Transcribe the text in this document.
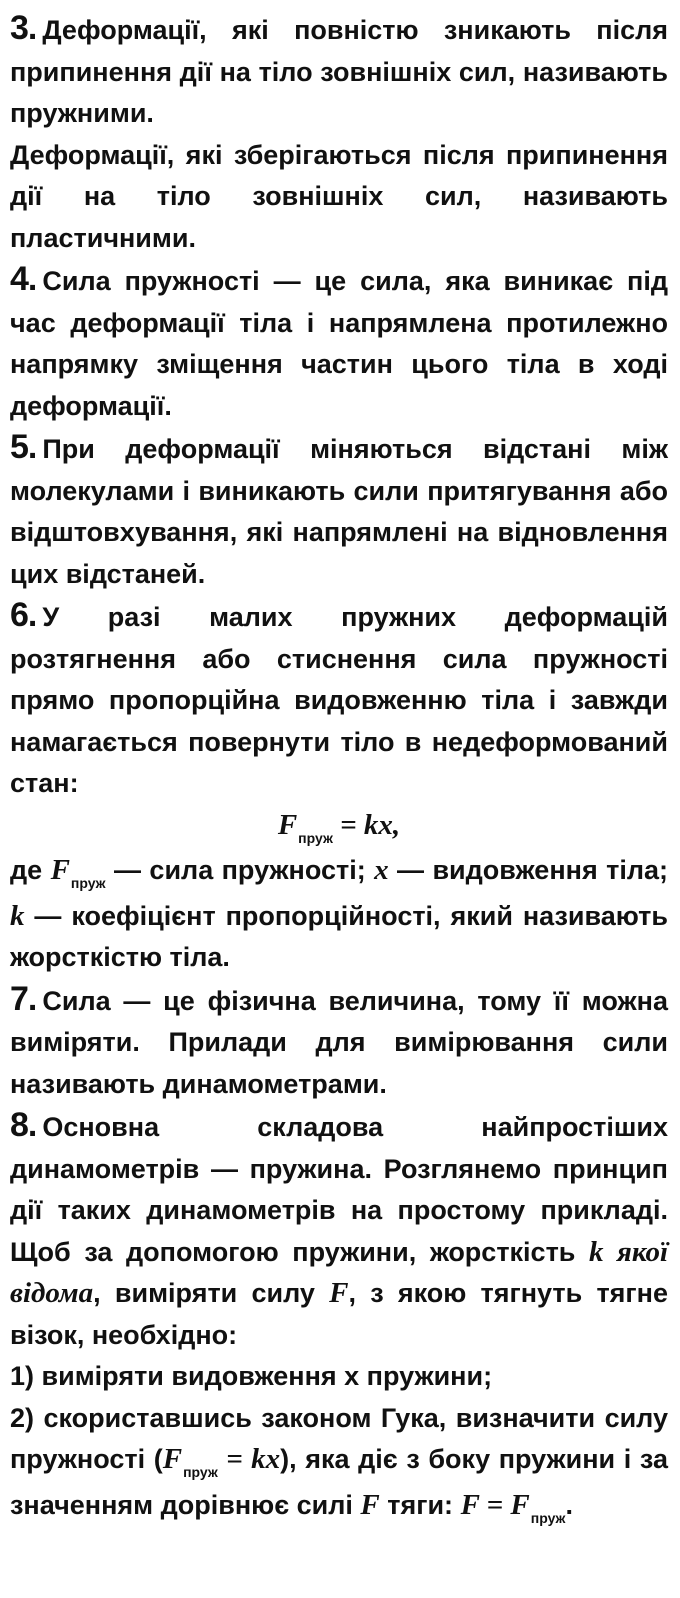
3. Деформації, які повністю зникають після припинення дії на тіло зовнішніх сил, називають пружними.

Деформації, які зберігаються після припинення дії на тіло зовнішніх сил, називають пластичними.

4. Сила пружності — це сила, яка виникає під час деформації тіла і напрямлена протилежно напрямку зміщення частин цього тіла в ході деформації.

5. При деформації міняються відстані між молекулами і виникають сили притягування або відштовхування, які напрямлені на відновлення цих відстаней.

6. У разі малих пружних деформацій розтягнення або стиснення сила пружності прямо пропорційна видовженню тіла і завжди намагається повернути тіло в недеформований стан:

$F_{пруж}$ = kx,

де $F_{пруж}$ — сила пружності; x — видовження тіла; k — коефіцієнт пропорційності, який називають жорсткістю тіла.

7. Сила — це фізична величина, тому її можна виміряти. Прилади для вимірювання сили називають динамометрами.

8. Основна складова найпростіших динамометрів — пружина. Розглянемо принцип дії таких динамометрів на простому прикладі. Щоб за допомогою пружини, жорсткість k якої відома, виміряти силу F, з якою тягнуть тягне візок, необхідно:

1) виміряти видовження х пружини;

2) скориставшись законом Гука, визначити силу пружності $(F_{пруж} = kx)$, яка діє з боку пружини і за значенням дорівнює силі F тяги: $F = F_{пруж}$.
